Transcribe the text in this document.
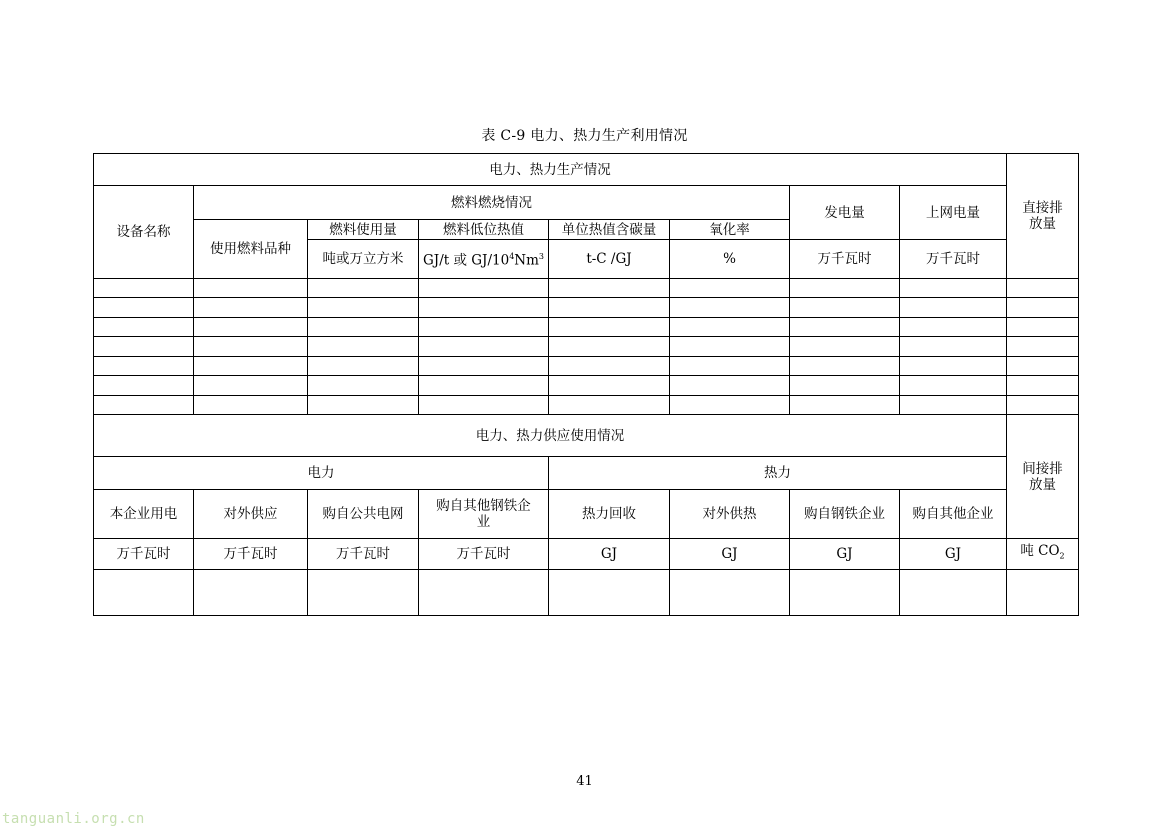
表 C-9 电力、热力生产利用情况
电力、热力生产情况								直接排放量	
设备名称	燃料燃烧情况					发电量	上网电量		
	使用燃料品种	燃料使用量	燃料低位热值	单位热值含碳量	氧化率				
		吨或万立方米	GJ/t 或 $GJ/10^4Nm^3$	t-C /GJ	%	万千瓦时	万千瓦时	

电力、热力供应使用情况								间接排放量	
电力				热力					
本企业用电	对外供应	购自公共电网	购自其他钢铁企业	热力回收	对外供热	购自钢铁企业	购自其他企业		
万千瓦时	万千瓦时	万千瓦时	万千瓦时	GJ	GJ	GJ	GJ	吨 $CO_2$

41
tanguanli.org.cn
